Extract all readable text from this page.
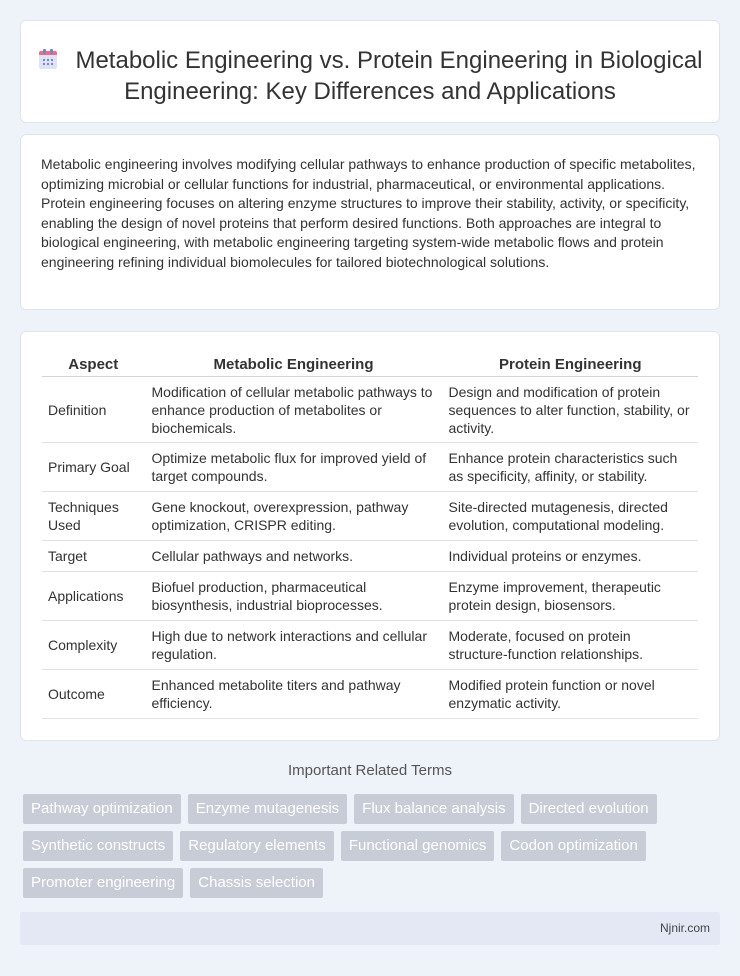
Metabolic Engineering vs. Protein Engineering in Biological Engineering: Key Differences and Applications

Metabolic engineering involves modifying cellular pathways to enhance production of specific metabolites, optimizing microbial or cellular functions for industrial, pharmaceutical, or environmental applications. Protein engineering focuses on altering enzyme structures to improve their stability, activity, or specificity, enabling the design of novel proteins that perform desired functions. Both approaches are integral to biological engineering, with metabolic engineering targeting system-wide metabolic flows and protein engineering refining individual biomolecules for tailored biotechnological solutions.

Aspect	Metabolic Engineering	Protein Engineering
Definition	Modification of cellular metabolic pathways to enhance production of metabolites or biochemicals.	Design and modification of protein sequences to alter function, stability, or activity.
Primary Goal	Optimize metabolic flux for improved yield of target compounds.	Enhance protein characteristics such as specificity, affinity, or stability.
Techniques Used	Gene knockout, overexpression, pathway optimization, CRISPR editing.	Site-directed mutagenesis, directed evolution, computational modeling.
Target	Cellular pathways and networks.	Individual proteins or enzymes.
Applications	Biofuel production, pharmaceutical biosynthesis, industrial bioprocesses.	Enzyme improvement, therapeutic protein design, biosensors.
Complexity	High due to network interactions and cellular regulation.	Moderate, focused on protein structure-function relationships.
Outcome	Enhanced metabolite titers and pathway efficiency.	Modified protein function or novel enzymatic activity.
Important Related Terms
Pathway optimization	Enzyme mutagenesis	Flux balance analysis	Directed evolution
Synthetic constructs	Regulatory elements	Functional genomics	Codon optimization
Promoter engineering	Chassis selection
Njnir.com
